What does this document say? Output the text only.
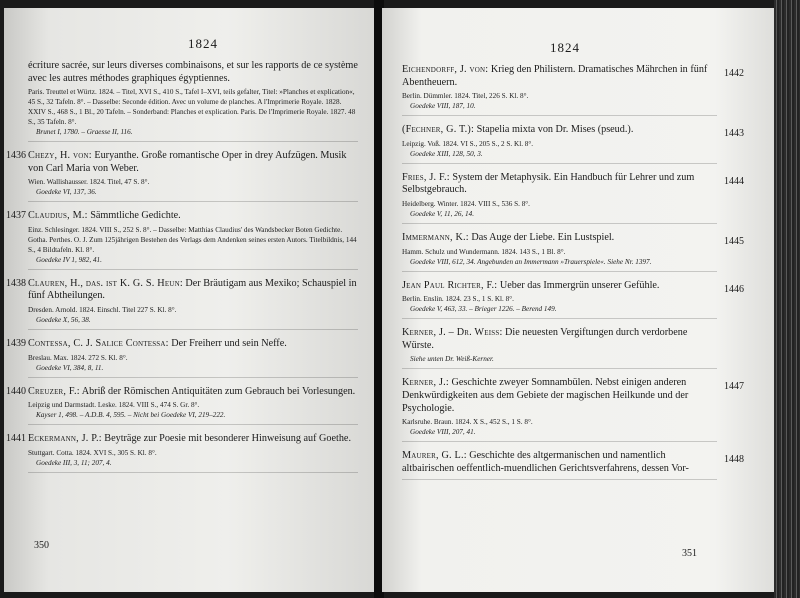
1824
écriture sacrée, sur leurs diverses combinaisons, et sur les rapports de ce système avec les autres méthodes graphiques égyptiennes.
Paris. Treuttel et Würtz. 1824. – Titel, XVI S., 410 S., Tafel I–XVI, teils gefalter, Titel: »Planches et explication«, 45 S., 32 Tafeln. 8°. – Dasselbe: Seconde édition. Avec un volume de planches. A l'Imprimerie Royale. 1828. XXIV S., 468 S., 1 Bl., 20 Tafeln. – Sonderband: Planches et explication. Paris. De l'Imprimerie Royale. 1827. 48 S., 35 Tafeln. 8°.
Brunet I, 1780. – Graesse II, 116.
1436 Chezy, H. von: Euryanthe. Große romantische Oper in drey Aufzügen. Musik von Carl Maria von Weber.
Wien. Wallishausser. 1824. Titel, 47 S. 8°.
Goedeke VI, 137, 36.
1437 Claudius, M.: Sämmtliche Gedichte.
Einz. Schlesinger. 1824. VIII S., 252 S. 8°. – Dasselbe: Matthias Claudius' des Wandsbecker Boten Gedichte. Gotha. Perthes. O. J. Zum 125jährigen Bestehen des Verlags dem Andenken seines ersten Autors. Titelbildnis, 144 S., 4 Bildtafeln. Kl. 8°.
Goedeke IV 1, 982, 41.
1438 Clauren, H., das. ist K. G. S. Heun: Der Bräutigam aus Mexiko; Schauspiel in fünf Abtheilungen.
Dresden. Arnold. 1824. Einschl. Titel 227 S. Kl. 8°.
Goedeke X, 56, 38.
1439 Contessa, C. J. Salice Contessa: Der Freiherr und sein Neffe.
Breslau. Max. 1824. 272 S. Kl. 8°.
Goedeke VI, 384, 8, 11.
1440 Creuzer, F.: Abriß der Römischen Antiquitäten zum Gebrauch bei Vorlesungen.
Leipzig und Darmstadt. Leske. 1824. VIII S., 474 S. Gr. 8°.
Kayser 1, 498. – A.D.B. 4, 595. – Nicht bei Goedeke VI, 219–222.
1441 Eckermann, J. P.: Beyträge zur Poesie mit besonderer Hinweisung auf Goethe.
Stuttgart. Cotta. 1824. XVI S., 305 S. Kl. 8°.
Goedeke III, 3, 11; 207, 4.
350
1824
1442
Eichendorff, J. von: Krieg den Philistern. Dramatisches Mährchen in fünf Abentheuern.
Berlin. Dümmler. 1824. Titel, 226 S. Kl. 8°.
Goedeke VIII, 187, 10.
1443
(Fechner, G. T.): Stapelia mixta von Dr. Mises (pseud.).
Leipzig. Voß. 1824. VI S., 205 S., 2 S. Kl. 8°.
Goedeke XIII, 128, 50, 3.
1444
Fries, J. F.: System der Metaphysik. Ein Handbuch für Lehrer und zum Selbstgebrauch.
Heidelberg. Winter. 1824. VIII S., 536 S. 8°.
Goedeke V, 11, 26, 14.
1445
Immermann, K.: Das Auge der Liebe. Ein Lustspiel.
Hamm. Schulz und Wundermann. 1824. 143 S., 1 Bl. 8°.
Goedeke VIII, 612, 34. Angebunden an Immermann »Trauerspiele«. Siehe Nr. 1397.
1446
Jean Paul Richter, F.: Ueber das Immergrün unserer Gefühle.
Berlin. Enslin. 1824. 23 S., 1 S. Kl. 8°.
Goedeke V, 463, 33. – Brieger 1226. – Berend 149.
Kerner, J. – Dr. Weiss: Die neuesten Vergiftungen durch verdorbene Würste.
Siehe unten Dr. Weiß-Kerner.
1447
Kerner, J.: Geschichte zweyer Somnambülen. Nebst einigen anderen Denkwürdigkeiten aus dem Gebiete der magischen Heilkunde und der Psychologie.
Karlsruhe. Braun. 1824. X S., 452 S., 1 S. 8°.
Goedeke VIII, 207, 41.
1448
Maurer, G. L.: Geschichte des altgermanischen und namentlich altbairischen oeffentlich-muendlichen Gerichtsverfahrens, dessen Vor-
351
